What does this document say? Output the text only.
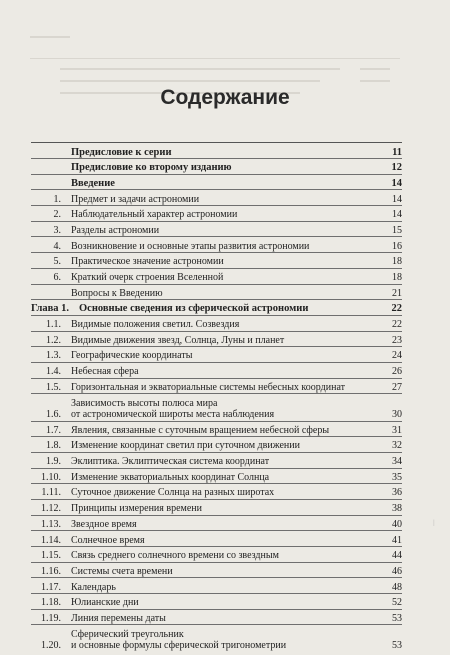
Содержание
Предисловие к серии	11
Предисловие ко второму изданию	12
Введение	14
1.	Предмет и задачи астрономии	14
2.	Наблюдательный характер астрономии	14
3.	Разделы астрономии	15
4.	Возникновение и основные этапы развития астрономии	16
5.	Практическое значение астрономии	18
6.	Краткий очерк строения Вселенной	18
Вопросы к Введению	21
Глава 1. Основные сведения из сферической астрономии	22
1.1.	Видимые положения светил. Созвездия	22
1.2.	Видимые движения звезд, Солнца, Луны и планет	23
1.3.	Географические координаты	24
1.4.	Небесная сфера	26
1.5.	Горизонтальная и экваториальные системы небесных координат	27
1.6.
Зависимость высоты полюса мира
от астрономической широты места наблюдения	30
1.7.	Явления, связанные с суточным вращением небесной сферы	31
1.8.	Изменение координат светил при суточном движении	32
1.9.	Эклиптика. Эклиптическая система координат	34
1.10.	Изменение экваториальных координат Солнца	35
1.11.	Суточное движение Солнца на разных широтах	36
1.12.	Принципы измерения времени	38
1.13.	Звездное время	40
1.14.	Солнечное время	41
1.15.	Связь среднего солнечного времени со звездным	44
1.16.	Системы счета времени	46
1.17.	Календарь	48
1.18.	Юлианские дни	52
1.19.	Линия перемены даты	53
1.20.
Сферический треугольник
и основные формулы сферической тригонометрии	53
ǀ
